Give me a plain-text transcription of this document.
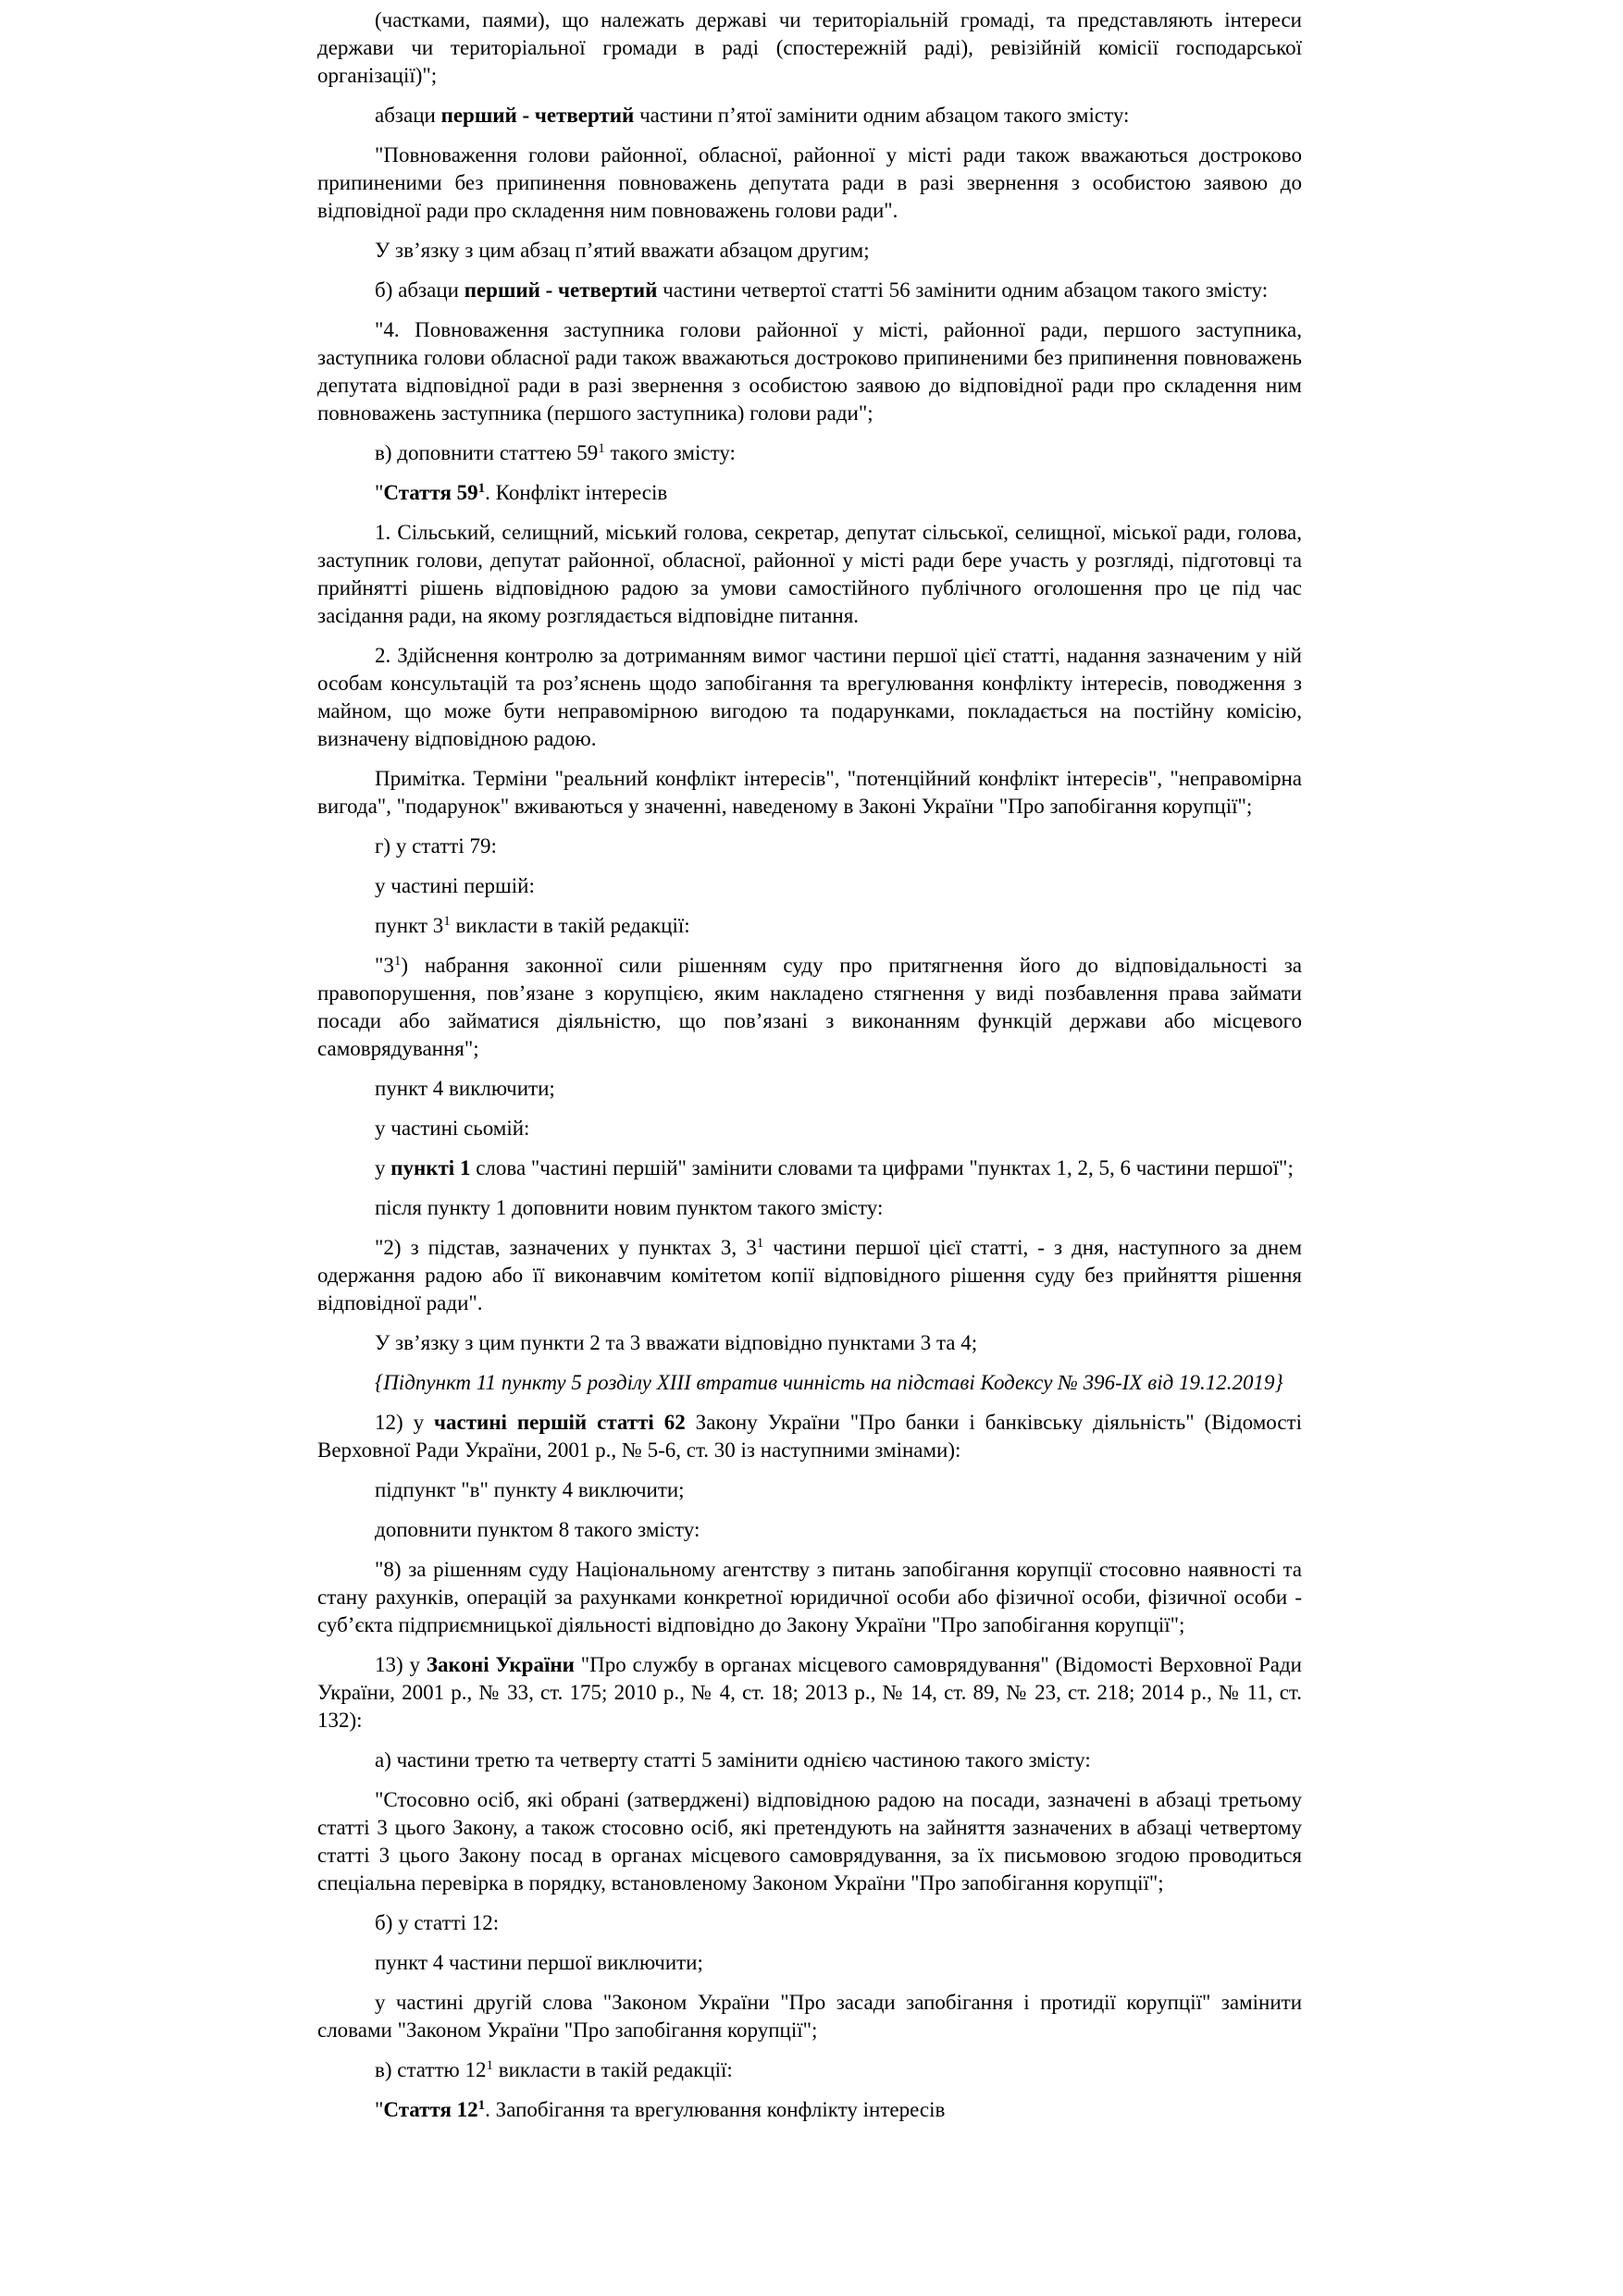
(частками, паями), що належать державі чи територіальній громаді, та представляють інтереси держави чи територіальної громади в раді (спостережній раді), ревізійній комісії господарської організації)";

абзаци перший - четвертий частини п’ятої замінити одним абзацом такого змісту:

"Повноваження голови районної, обласної, районної у місті ради також вважаються достроково припиненими без припинення повноважень депутата ради в разі звернення з особистою заявою до відповідної ради про складення ним повноважень голови ради".

У зв’язку з цим абзац п’ятий вважати абзацом другим;

б) абзаци перший - четвертий частини четвертої статті 56 замінити одним абзацом такого змісту:

"4. Повноваження заступника голови районної у місті, районної ради, першого заступника, заступника голови обласної ради також вважаються достроково припиненими без припинення повноважень депутата відповідної ради в разі звернення з особистою заявою до відповідної ради про складення ним повноважень заступника (першого заступника) голови ради";

в) доповнити статтею $59^1$ такого змісту:

"Стаття $59^1$. Конфлікт інтересів

1. Сільський, селищний, міський голова, секретар, депутат сільської, селищної, міської ради, голова, заступник голови, депутат районної, обласної, районної у місті ради бере участь у розгляді, підготовці та прийнятті рішень відповідною радою за умови самостійного публічного оголошення про це під час засідання ради, на якому розглядається відповідне питання.

2. Здійснення контролю за дотриманням вимог частини першої цієї статті, надання зазначеним у ній особам консультацій та роз’яснень щодо запобігання та врегулювання конфлікту інтересів, поводження з майном, що може бути неправомірною вигодою та подарунками, покладається на постійну комісію, визначену відповідною радою.

Примітка. Терміни "реальний конфлікт інтересів", "потенційний конфлікт інтересів", "неправомірна вигода", "подарунок" вживаються у значенні, наведеному в Законі України "Про запобігання корупції";

г) у статті 79:

у частині першій:

пункт $3^1$ викласти в такій редакції:

"$3^1$) набрання законної сили рішенням суду про притягнення його до відповідальності за правопорушення, пов’язане з корупцією, яким накладено стягнення у виді позбавлення права займати посади або займатися діяльністю, що пов’язані з виконанням функцій держави або місцевого самоврядування";

пункт 4 виключити;

у частині сьомій:

у пункті 1 слова "частині першій" замінити словами та цифрами "пунктах 1, 2, 5, 6 частини першої";

після пункту 1 доповнити новим пунктом такого змісту:

"2) з підстав, зазначених у пунктах 3, $3^1$ частини першої цієї статті, - з дня, наступного за днем одержання радою або її виконавчим комітетом копії відповідного рішення суду без прийняття рішення відповідної ради".

У зв’язку з цим пункти 2 та 3 вважати відповідно пунктами 3 та 4;

{Підпункт 11 пункту 5 розділу XIII втратив чинність на підставі Кодексу № 396-IX від 19.12.2019}

12) у частині першій статті 62 Закону України "Про банки і банківську діяльність" (Відомості Верховної Ради України, 2001 р., № 5-6, ст. 30 із наступними змінами):

підпункт "в" пункту 4 виключити;

доповнити пунктом 8 такого змісту:

"8) за рішенням суду Національному агентству з питань запобігання корупції стосовно наявності та стану рахунків, операцій за рахунками конкретної юридичної особи або фізичної особи, фізичної особи - суб’єкта підприємницької діяльності відповідно до Закону України "Про запобігання корупції";

13) у Законі України "Про службу в органах місцевого самоврядування" (Відомості Верховної Ради України, 2001 р., № 33, ст. 175; 2010 р., № 4, ст. 18; 2013 р., № 14, ст. 89, № 23, ст. 218; 2014 р., № 11, ст. 132):

а) частини третю та четверту статті 5 замінити однією частиною такого змісту:

"Стосовно осіб, які обрані (затверджені) відповідною радою на посади, зазначені в абзаці третьому статті 3 цього Закону, а також стосовно осіб, які претендують на зайняття зазначених в абзаці четвертому статті 3 цього Закону посад в органах місцевого самоврядування, за їх письмовою згодою проводиться спеціальна перевірка в порядку, встановленому Законом України "Про запобігання корупції";

б) у статті 12:

пункт 4 частини першої виключити;

у частині другій слова "Законом України "Про засади запобігання і протидії корупції" замінити словами "Законом України "Про запобігання корупції";

в) статтю $12^1$ викласти в такій редакції:

"Стаття $12^1$. Запобігання та врегулювання конфлікту інтересів
